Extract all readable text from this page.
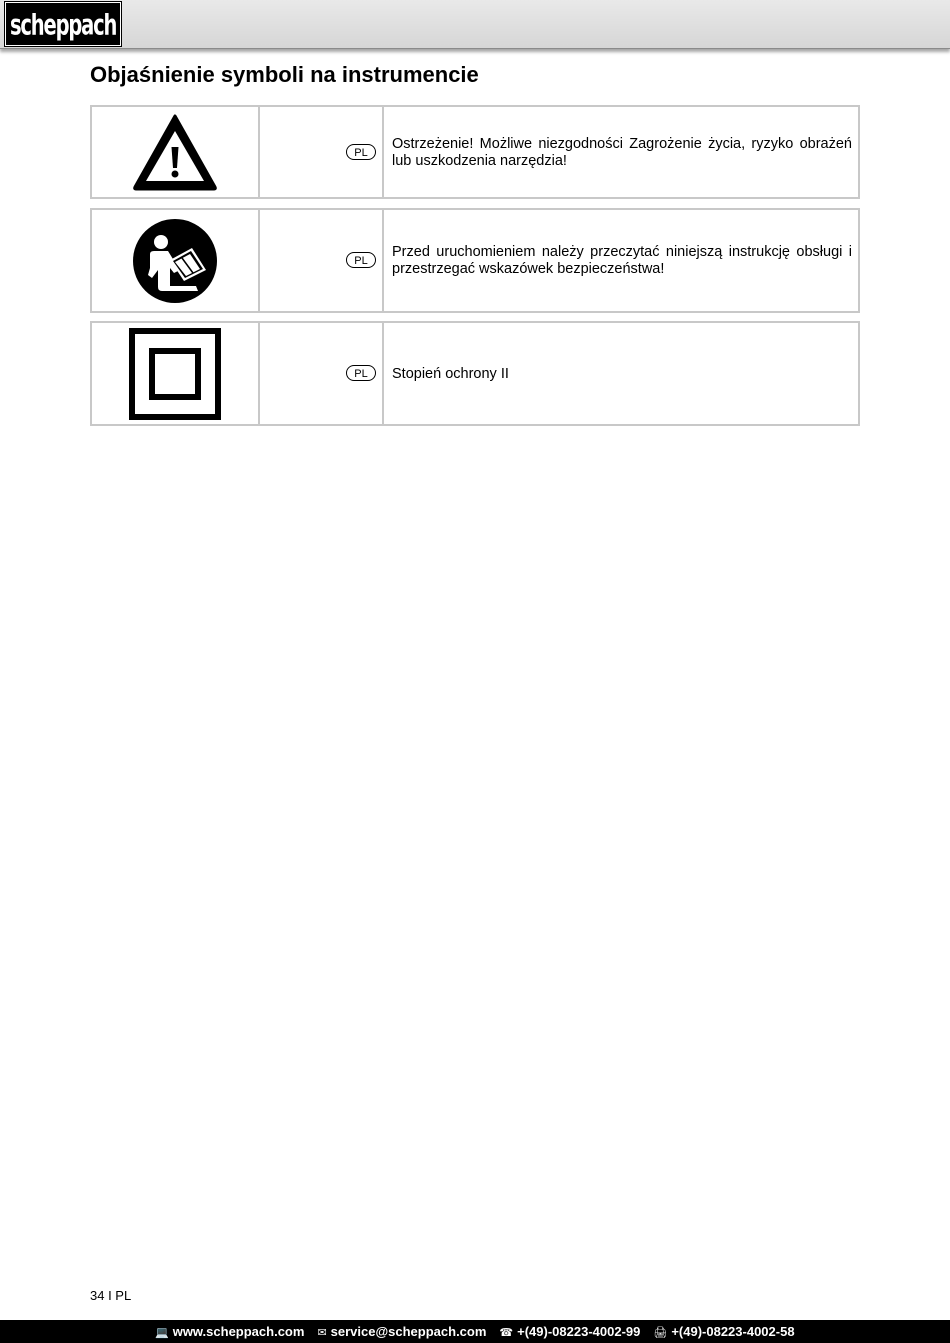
scheppach
Objaśnienie symboli na instrumencie
PL
Ostrzeżenie! Możliwe niezgodności Zagrożenie życia, ryzyko obrażeń lub uszkodzenia narzędzia!
PL
Przed uruchomieniem należy przeczytać niniejszą instrukcję obsługi i przestrzegać wskazówek bezpieczeństwa!
PL	Stopień ochrony II
34 I PL
💻 www.scheppach.com ✉ service@scheppach.com ☎ +(49)-08223-4002-99 🖨 +(49)-08223-4002-58
